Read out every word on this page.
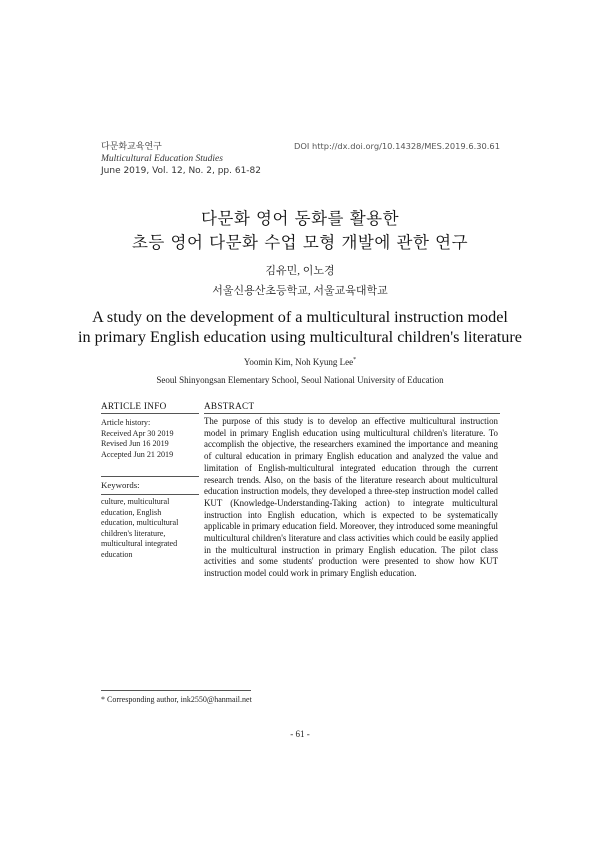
다문화교육연구
Multicultural Education Studies
June 2019, Vol. 12, No. 2, pp. 61-82
DOI http://dx.doi.org/10.14328/MES.2019.6.30.61
다문화 영어 동화를 활용한
초등 영어 다문화 수업 모형 개발에 관한 연구
김유민, 이노경
서울신용산초등학교, 서울교육대학교
A study on the development of a multicultural instruction model
in primary English education using multicultural children's literature
Yoomin Kim, Noh Kyung Lee*
Seoul Shinyongsan Elementary School, Seoul National University of Education
ARTICLE INFO	ABSTRACT
Article history:
Received Apr 30 2019
Revised Jun 16 2019
Accepted Jun 21 2019
Keywords:
culture, multicultural
education, English
education, multicultural
children's literature,
multicultural integrated
education

The purpose of this study is to develop an effective multicultural instruction model in primary English education using multicultural children's literature. To accomplish the objective, the researchers examined the importance and meaning of cultural education in primary English education and analyzed the value and limitation of English-multicultural integrated education through the current research trends. Also, on the basis of the literature research about multicultural education instruction models, they developed a three-step instruction model called KUT (Knowledge-Understanding-Taking action) to integrate multicultural instruction into English education, which is expected to be systematically applicable in primary education field. Moreover, they introduced some meaningful multicultural children's literature and class activities which could be easily applied in the multicultural instruction in primary English education. The pilot class activities and some students' production were presented to show how KUT instruction model could work in primary English education.

* Corresponding author, ink2550@hanmail.net
- 61 -
